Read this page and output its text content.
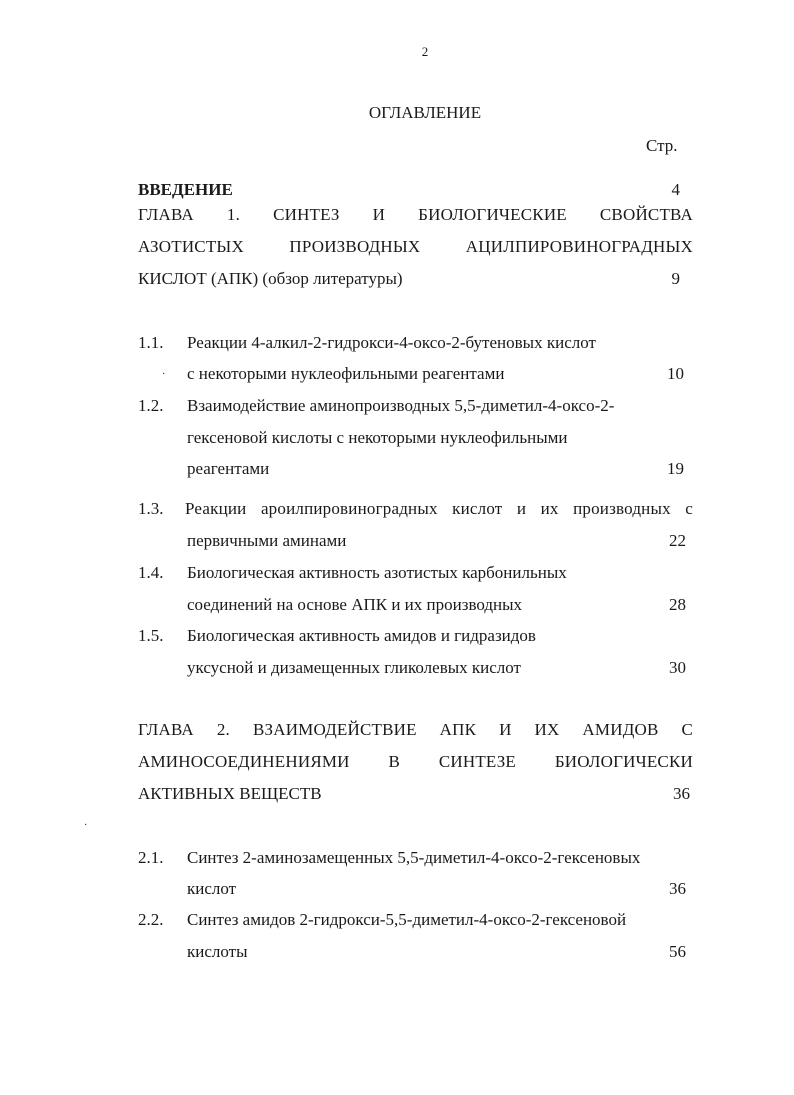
2
ОГЛАВЛЕНИЕ
Стр.
ВВЕДЕНИЕ	4
ГЛАВА 1. СИНТЕЗ И БИОЛОГИЧЕСКИЕ СВОЙСТВА
АЗОТИСТЫХ ПРОИЗВОДНЫХ АЦИЛПИРОВИНОГРАДНЫХ
КИСЛОТ (АПК) (обзор литературы)	9
1.1. Реакции 4-алкил-2-гидрокси-4-оксо-2-бутеновых кислот
· с некоторыми нуклеофильными реагентами	10
1.2. Взаимодействие аминопроизводных 5,5-диметил-4-оксо-2-
гексеновой кислоты с некоторыми нуклеофильными
реагентами	19
1.3. Реакции ароилпировиноградных кислот и их производных с
первичными аминами	22
1.4. Биологическая активность азотистых карбонильных
соединений на основе АПК и их производных	28
1.5. Биологическая активность амидов и гидразидов
уксусной и дизамещенных гликолевых кислот	30
ГЛАВА 2. ВЗАИМОДЕЙСТВИЕ АПК И ИХ АМИДОВ С
АМИНОСОЕДИНЕНИЯМИ В СИНТЕЗЕ БИОЛОГИЧЕСКИ
АКТИВНЫХ ВЕЩЕСТВ	36
·
2.1. Синтез 2-аминозамещенных 5,5-диметил-4-оксо-2-гексеновых
кислот	36
2.2. Синтез амидов 2-гидрокси-5,5-диметил-4-оксо-2-гексеновой
кислоты	56
